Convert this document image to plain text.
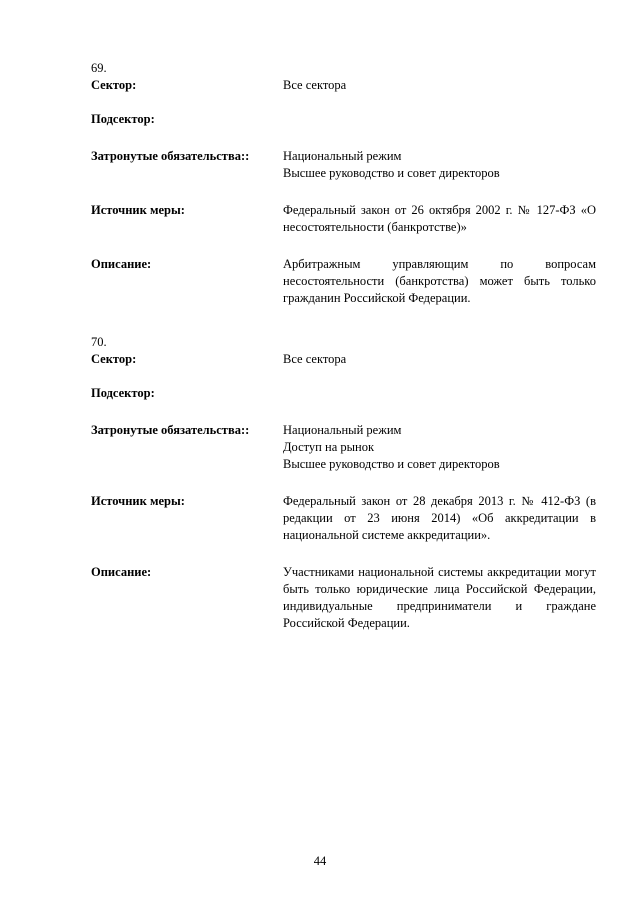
69.
Сектор:	Все сектора
Подсектор:

Затронутые обязательства::	Национальный режим
Высшее руководство и совет директоров
Источник меры:	Федеральный закон от 26 октября 2002 г. № 127-ФЗ «О несостоятельности (банкротстве)»
Описание:	Арбитражным управляющим по вопросам несостоятельности (банкротства) может быть только гражданин Российской Федерации.
70.
Сектор:	Все сектора
Подсектор:

Затронутые обязательства::	Национальный режим
Доступ на рынок
Высшее руководство и совет директоров
Источник меры:	Федеральный закон от 28 декабря 2013 г. № 412-ФЗ (в редакции от 23 июня 2014) «Об аккредитации в национальной системе аккредитации».
Описание:	Участниками национальной системы аккредитации могут быть только юридические лица Российской Федерации, индивидуальные предприниматели и граждане Российской Федерации.
44
